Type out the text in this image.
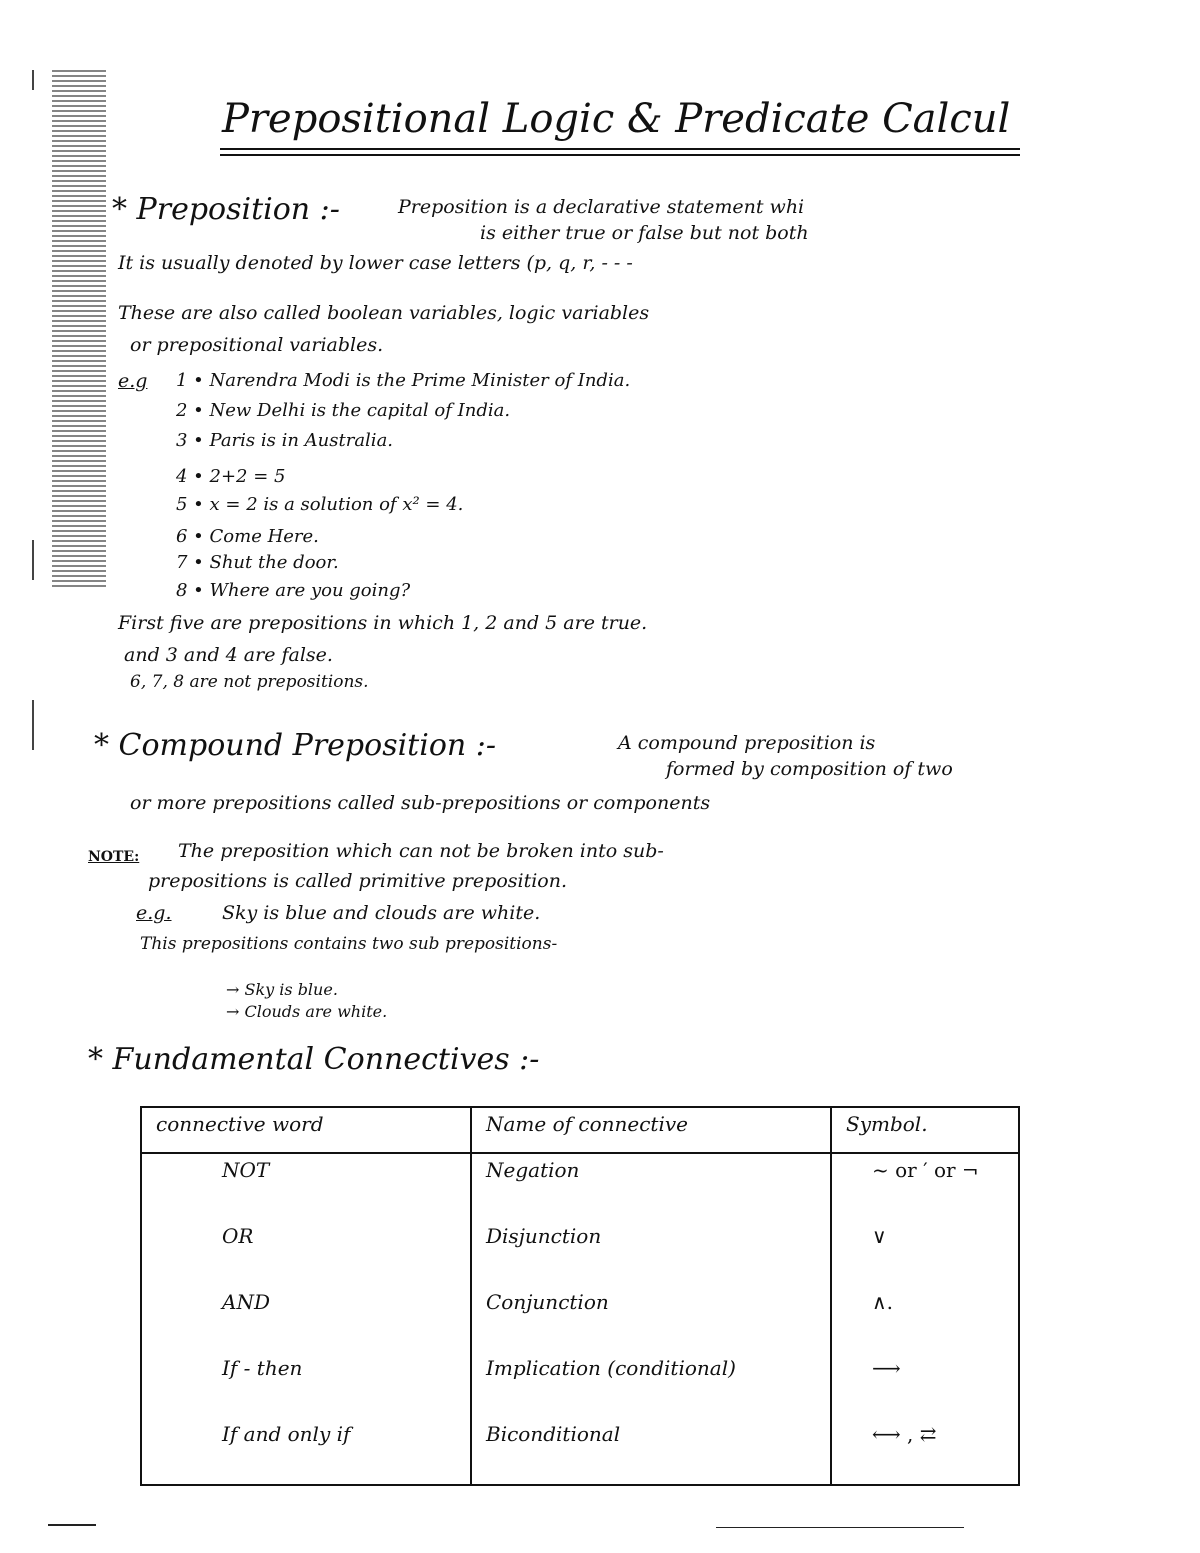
Prepositional Logic & Predicate Calcul
* Preposition :-	Preposition is a declarative statement whi
is either true or false but not both
It is usually denoted by lower case letters (p, q, r, - - -
These are also called boolean variables, logic variables
or prepositional variables.
e.g 1 • Narendra Modi is the Prime Minister of India.
2 • New Delhi is the capital of India.
3 • Paris is in Australia.
4 • 2+2 = 5
5 • x = 2 is a solution of x² = 4.
6 • Come Here.
7 • Shut the door.
8 • Where are you going?
First five are prepositions in which 1, 2 and 5 are true.
and 3 and 4 are false.
6, 7, 8 are not prepositions.
* Compound Preposition :-	A compound preposition is
formed by composition of two
or more prepositions called sub-prepositions or components
NOTE: The preposition which can not be broken into sub-
prepositions is called primitive preposition.
e.g.	Sky is blue and clouds are white.
This prepositions contains two sub prepositions-
→ Sky is blue.
→ Clouds are white.
* Fundamental Connectives :-
connective word	Name of connective	Symbol.
NOT	Negation	~ or ′ or ¬
OR	Disjunction	∨
AND	Conjunction	∧.
If - then	Implication (conditional)	⟶
If and only if	Biconditional	⟷ , ⇄
